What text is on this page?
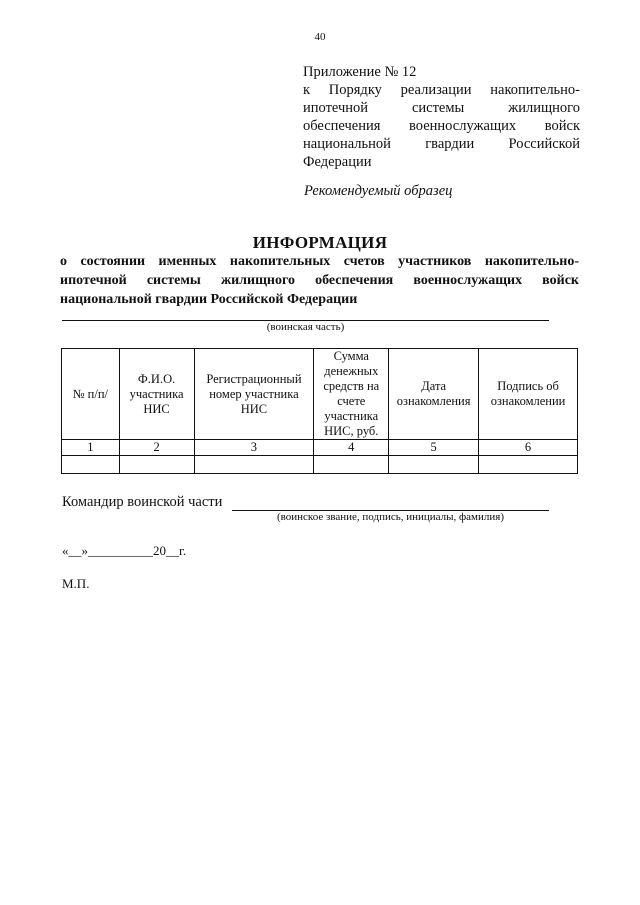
40
Приложение № 12
к Порядку реализации накопительно-ипотечной системы жилищного обеспечения военнослужащих войск национальной гвардии Российской Федерации
Рекомендуемый образец
ИНФОРМАЦИЯ
о состоянии именных накопительных счетов участников накопительно-ипотечной системы жилищного обеспечения военнослужащих войск национальной гвардии Российской Федерации
(воинская часть)
№ п/п/	Ф.И.О. участника НИС	Регистрационный номер участника НИС	Сумма денежных средств на счете участника НИС, руб.	Дата ознакомления	Подпись об ознакомлении
1	2	3	4	5	6

Командир воинской части
(воинское звание, подпись, инициалы, фамилия)
«__»__________20__г.
М.П.
